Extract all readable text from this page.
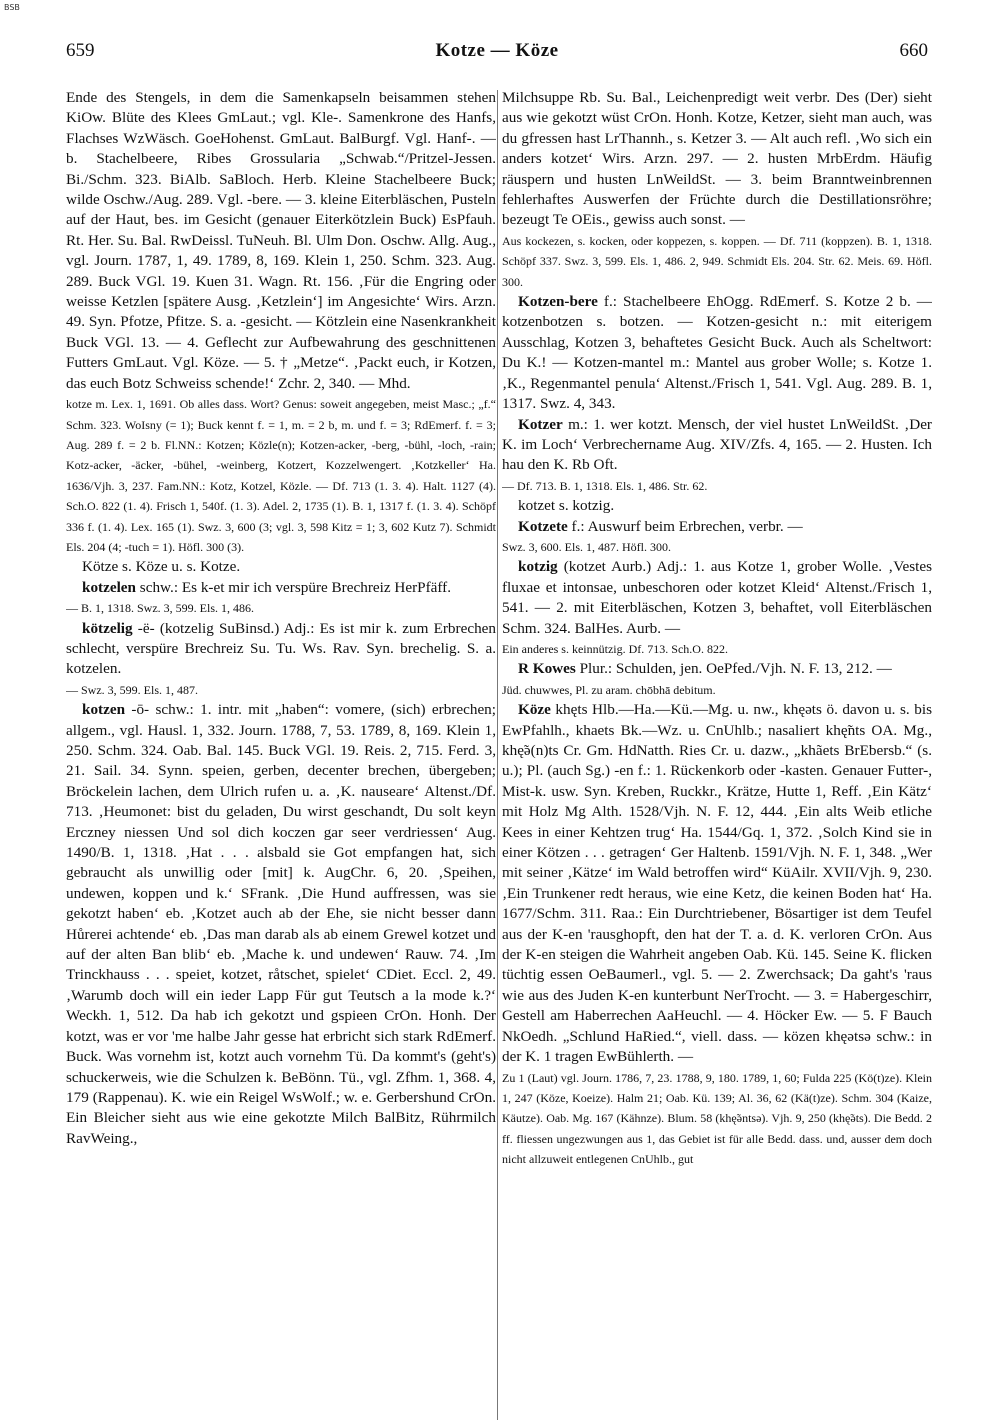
BSB
659	Kotze — Köze	660

Ende des Stengels, in dem die Samenkapseln beisammen stehen KiOw. Blüte des Klees GmLaut.; vgl. Kle-. Samenkrone des Hanfs, Flachses WzWäsch. GoeHohenst. GmLaut. BalBurgf. Vgl. Hanf-. — b. Stachelbeere, Ribes Grossularia „Schwab.“/Pritzel-Jessen. Bi./Schm. 323. BiAlb. SaBloch. Herb. Kleine Stachelbeere Buck; wilde Oschw./Aug. 289. Vgl. -bere. — 3. kleine Eiterbläschen, Pusteln auf der Haut, bes. im Gesicht (genauer Eiterkötzlein Buck) EsPfauh. Rt. Her. Su. Bal. RwDeissl. TuNeuh. Bl. Ulm Don. Oschw. Allg. Aug., vgl. Journ. 1787, 1, 49. 1789, 8, 169. Klein 1, 250. Schm. 323. Aug. 289. Buck VGl. 19. Kuen 31. Wagn. Rt. 156. ‚Für die Engring oder weisse Ketzlen [spätere Ausg. ‚Ketzlein‘] im Angesichte‘ Wirs. Arzn. 49. Syn. Pfotze, Pfitze. S. a. -gesicht. — Kötzlein eine Nasenkrankheit Buck VGl. 13. — 4. Geflecht zur Aufbewahrung des geschnittenen Futters GmLaut. Vgl. Köze. — 5. † „Metze“. ‚Packt euch, ir Kotzen, das euch Botz Schweiss schende!‘ Zchr. 2, 340. — Mhd.

kotze m. Lex. 1, 1691. Ob alles dass. Wort? Genus: soweit angegeben, meist Masc.; „f.“ Schm. 323. WoIsny (= 1); Buck kennt f. = 1, m. = 2 b, m. und f. = 3; RdEmerf. f. = 3; Aug. 289 f. = 2 b. Fl.NN.: Kotzen; Közle(n); Kotzen-acker, -berg, -bühl, -loch, -rain; Kotz-acker, -äcker, -bühel, -weinberg, Kotzert, Kozzelwengert. ‚Kotzkeller‘ Ha. 1636/Vjh. 3, 237. Fam.NN.: Kotz, Kotzel, Közle. — Df. 713 (1. 3. 4). Halt. 1127 (4). Sch.O. 822 (1. 4). Frisch 1, 540f. (1. 3). Adel. 2, 1735 (1). B. 1, 1317 f. (1. 3. 4). Schöpf 336 f. (1. 4). Lex. 165 (1). Swz. 3, 600 (3; vgl. 3, 598 Kitz = 1; 3, 602 Kutz 7). Schmidt Els. 204 (4; -tuch = 1). Höfl. 300 (3).

Kötze s. Köze u. s. Kotze.

kotzelen schw.: Es k-et mir ich verspüre Brechreiz HerPfäff.

— B. 1, 1318. Swz. 3, 599. Els. 1, 486.

kötzelig -ë- (kotzelig SuBinsd.) Adj.: Es ist mir k. zum Erbrechen schlecht, verspüre Brechreiz Su. Tu. Ws. Rav. Syn. brechelig. S. a. kotzelen.

— Swz. 3, 599. Els. 1, 487.

kotzen -ō- schw.: 1. intr. mit „haben“: vomere, (sich) erbrechen; allgem., vgl. Hausl. 1, 332. Journ. 1788, 7, 53. 1789, 8, 169. Klein 1, 250. Schm. 324. Oab. Bal. 145. Buck VGl. 19. Reis. 2, 715. Ferd. 3, 21. Sail. 34. Synn. speien, gerben, decenter brechen, übergeben; Bröckelein lachen, dem Ulrich rufen u. a. ‚K. nauseare‘ Altenst./Df. 713. ‚Heumonet: bist du geladen, Du wirst geschandt, Du solt keyn Erczney niessen Und sol dich koczen gar seer verdriessen‘ Aug. 1490/B. 1, 1318. ‚Hat . . . alsbald sie Got empfangen hat, sich gebraucht als unwillig oder [mit] k. AugChr. 6, 20. ‚Speihen, undewen, koppen und k.‘ SFrank. ‚Die Hund auffressen, was sie gekotzt haben‘ eb. ‚Kotzet auch ab der Ehe, sie nicht besser dann Hůrerei achtende‘ eb. ‚Das man darab als ab einem Grewel kotzet und auf der alten Ban blib‘ eb. ‚Mache k. und undewen‘ Rauw. 74. ‚Im Trinckhauss . . . speiet, kotzet, råtschet, spielet‘ CDiet. Eccl. 2, 49. ‚Warumb doch will ein ieder Lapp Für gut Teutsch a la mode k.?‘ Weckh. 1, 512. Da hab ich gekotzt und gspieen CrOn. Honh. Der kotzt, was er vor 'me halbe Jahr gesse hat erbricht sich stark RdEmerf. Buck. Was vornehm ist, kotzt auch vornehm Tü. Da kommt's (geht's) schuckerweis, wie die Schulzen k. BeBönn. Tü., vgl. Zfhm. 1, 368. 4, 179 (Rappenau). K. wie ein Reigel WsWolf.; w. e. Gerbershund CrOn. Ein Bleicher sieht aus wie eine gekotzte Milch BalBitz, Rührmilch RavWeing.,

Milchsuppe Rb. Su. Bal., Leichenpredigt weit verbr. Des (Der) sieht aus wie gekotzt wüst CrOn. Honh. Kotze, Ketzer, sieht man auch, was du gfressen hast LrThannh., s. Ketzer 3. — Alt auch refl. ‚Wo sich ein anders kotzet‘ Wirs. Arzn. 297. — 2. husten MrbErdm. Häufig räuspern und husten LnWeildSt. — 3. beim Branntweinbrennen fehlerhaftes Auswerfen der Früchte durch die Destillationsröhre; bezeugt Te OEis., gewiss auch sonst. —

Aus kockezen, s. kocken, oder koppezen, s. koppen. — Df. 711 (koppzen). B. 1, 1318. Schöpf 337. Swz. 3, 599. Els. 1, 486. 2, 949. Schmidt Els. 204. Str. 62. Meis. 69. Höfl. 300.

Kotzen-bere f.: Stachelbeere EhOgg. RdEmerf. S. Kotze 2 b. — kotzenbotzen s. botzen. — Kotzen-gesicht n.: mit eiterigem Ausschlag, Kotzen 3, behaftetes Gesicht Buck. Auch als Scheltwort: Du K.! — Kotzen-mantel m.: Mantel aus grober Wolle; s. Kotze 1. ‚K., Regenmantel penula‘ Altenst./Frisch 1, 541. Vgl. Aug. 289. B. 1, 1317. Swz. 4, 343.

Kotzer m.: 1. wer kotzt. Mensch, der viel hustet LnWeildSt. ‚Der K. im Loch‘ Verbrechername Aug. XIV/Zfs. 4, 165. — 2. Husten. Ich hau den K. Rb Oft.

— Df. 713. B. 1, 1318. Els. 1, 486. Str. 62.

kotzet s. kotzig.

Kotzete f.: Auswurf beim Erbrechen, verbr. —

Swz. 3, 600. Els. 1, 487. Höfl. 300.

kotzig (kotzet Aurb.) Adj.: 1. aus Kotze 1, grober Wolle. ‚Vestes fluxae et intonsae, unbeschoren oder kotzet Kleid‘ Altenst./Frisch 1, 541. — 2. mit Eiterbläschen, Kotzen 3, behaftet, voll Eiterbläschen Schm. 324. BalHes. Aurb. —

Ein anderes s. keinnützig. Df. 713. Sch.O. 822.

R Kowes Plur.: Schulden, jen. OePfed./Vjh. N. F. 13, 212. —

Jüd. chuwwes, Pl. zu aram. chōbhā debitum.

Köze khęts Hlb.—Ha.—Kü.—Mg. u. nw., khęəts ö. davon u. s. bis EwPfahlh., khaets Bk.—Wz. u. CnUhlb.; nasaliert khę̃nts OA. Mg., khę̃ə(n)ts Cr. Gm. HdNatth. Ries Cr. u. dazw., „khãets BrEbersb.“ (s. u.); Pl. (auch Sg.) -en f.: 1. Rückenkorb oder -kasten. Genauer Futter-, Mist-k. usw. Syn. Kreben, Ruckkr., Krätze, Hutte 1, Reff. ‚Ein Kätz‘ mit Holz Mg Alth. 1528/Vjh. N. F. 12, 444. ‚Ein alts Weib etliche Kees in einer Kehtzen trug‘ Ha. 1544/Gq. 1, 372. ‚Solch Kind sie in einer Kötzen . . . getragen‘ Ger Haltenb. 1591/Vjh. N. F. 1, 348. „Wer mit seiner ‚Kätze‘ im Wald betroffen wird“ KüAilr. XVII/Vjh. 9, 230. ‚Ein Trunkener redt heraus, wie eine Ketz, die keinen Boden hat‘ Ha. 1677/Schm. 311. Raa.: Ein Durchtriebener, Bösartiger ist dem Teufel aus der K-en 'rausghopft, den hat der T. a. d. K. verloren CrOn. Aus der K-en steigen die Wahrheit angeben Oab. Kü. 145. Seine K. flicken tüchtig essen OeBaumerl., vgl. 5. — 2. Zwerchsack; Da gaht's 'raus wie aus des Juden K-en kunterbunt NerTrocht. — 3. = Habergeschirr, Gestell am Haberrechen AaHeuchl. — 4. Höcker Ew. — 5. F Bauch NkOedh. „Schlund HaRied.“, viell. dass. — közen khęətsə schw.: in der K. 1 tragen EwBühlerth. —

Zu 1 (Laut) vgl. Journ. 1786, 7, 23. 1788, 9, 180. 1789, 1, 60; Fulda 225 (Kö(t)ze). Klein 1, 247 (Köze, Koeize). Halm 21; Oab. Kü. 139; Al. 36, 62 (Kä(t)ze). Schm. 304 (Kaize, Käutze). Oab. Mg. 167 (Kähnze). Blum. 58 (khę̃əntsə). Vjh. 9, 250 (khę̃əts). Die Bedd. 2 ff. fliessen ungezwungen aus 1, das Gebiet ist für alle Bedd. dass. und, ausser dem doch nicht allzuweit entlegenen CnUhlb., gut
